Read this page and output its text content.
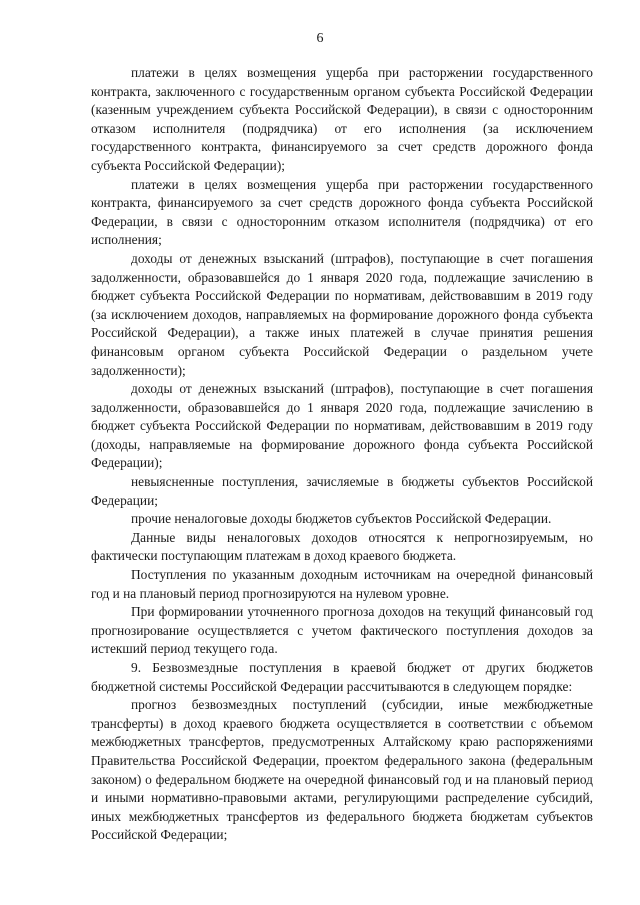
6

платежи в целях возмещения ущерба при расторжении государственного контракта, заключенного с государственным органом субъекта Российской Федерации (казенным учреждением субъекта Российской Федерации), в связи с односторонним отказом исполнителя (подрядчика) от его исполнения (за исключением государственного контракта, финансируемого за счет средств дорожного фонда субъекта Российской Федерации);

платежи в целях возмещения ущерба при расторжении государственного контракта, финансируемого за счет средств дорожного фонда субъекта Российской Федерации, в связи с односторонним отказом исполнителя (подрядчика) от его исполнения;

доходы от денежных взысканий (штрафов), поступающие в счет погашения задолженности, образовавшейся до 1 января 2020 года, подлежащие зачислению в бюджет субъекта Российской Федерации по нормативам, действовавшим в 2019 году (за исключением доходов, направляемых на формирование дорожного фонда субъекта Российской Федерации), а также иных платежей в случае принятия решения финансовым органом субъекта Российской Федерации о раздельном учете задолженности);

доходы от денежных взысканий (штрафов), поступающие в счет погашения задолженности, образовавшейся до 1 января 2020 года, подлежащие зачислению в бюджет субъекта Российской Федерации по нормативам, действовавшим в 2019 году (доходы, направляемые на формирование дорожного фонда субъекта Российской Федерации);

невыясненные поступления, зачисляемые в бюджеты субъектов Российской Федерации;

прочие неналоговые доходы бюджетов субъектов Российской Федерации.

Данные виды неналоговых доходов относятся к непрогнозируемым, но фактически поступающим платежам в доход краевого бюджета.

Поступления по указанным доходным источникам на очередной финансовый год и на плановый период прогнозируются на нулевом уровне.

При формировании уточненного прогноза доходов на текущий финансовый год прогнозирование осуществляется с учетом фактического поступления доходов за истекший период текущего года.

9. Безвозмездные поступления в краевой бюджет от других бюджетов бюджетной системы Российской Федерации рассчитываются в следующем порядке:

прогноз безвозмездных поступлений (субсидии, иные межбюджетные трансферты) в доход краевого бюджета осуществляется в соответствии с объемом межбюджетных трансфертов, предусмотренных Алтайскому краю распоряжениями Правительства Российской Федерации, проектом федерального закона (федеральным законом) о федеральном бюджете на очередной финансовый год и на плановый период и иными нормативно-правовыми актами, регулирующими распределение субсидий, иных межбюджетных трансфертов из федерального бюджета бюджетам субъектов Российской Федерации;
